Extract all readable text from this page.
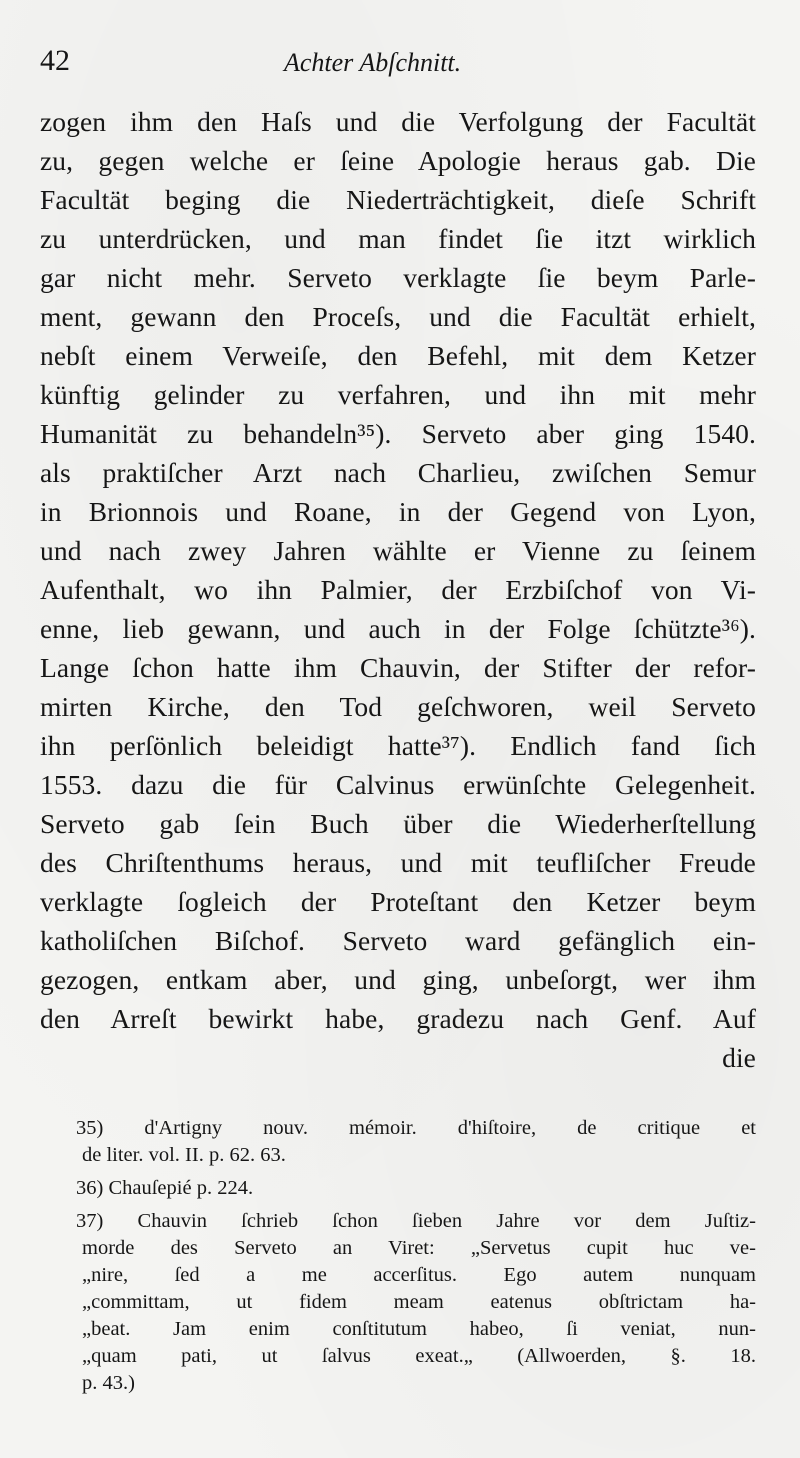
42	Achter Abſchnitt.
zogen ihm den Haſs und die Verfolgung der Facultät
zu, gegen welche er ſeine Apologie heraus gab. Die
Facultät beging die Niederträchtigkeit, dieſe Schrift
zu unterdrücken, und man findet ſie itzt wirklich
gar nicht mehr. Serveto verklagte ſie beym Parle-
ment, gewann den Proceſs, und die Facultät erhielt,
nebſt einem Verweiſe, den Befehl, mit dem Ketzer
künftig gelinder zu verfahren, und ihn mit mehr
Humanität zu behandeln³⁵). Serveto aber ging 1540.
als praktiſcher Arzt nach Charlieu, zwiſchen Semur
in Brionnois und Roane, in der Gegend von Lyon,
und nach zwey Jahren wählte er Vienne zu ſeinem
Aufenthalt, wo ihn Palmier, der Erzbiſchof von Vi-
enne, lieb gewann, und auch in der Folge ſchützte³⁶).
Lange ſchon hatte ihm Chauvin, der Stifter der refor-
mirten Kirche, den Tod geſchworen, weil Serveto
ihn perſönlich beleidigt hatte³⁷). Endlich fand ſich
1553. dazu die für Calvinus erwünſchte Gelegenheit.
Serveto gab ſein Buch über die Wiederherſtellung
des Chriſtenthums heraus, und mit teufliſcher Freude
verklagte ſogleich der Proteſtant den Ketzer beym
katholiſchen Biſchof. Serveto ward gefänglich ein-
gezogen, entkam aber, und ging, unbeſorgt, wer ihm
den Arreſt bewirkt habe, gradezu nach Genf. Auf
die
35) d'Artigny nouv. mémoir. d'hiſtoire, de critique et
de liter. vol. II. p. 62. 63.
36) Chauſepié p. 224.
37) Chauvin ſchrieb ſchon ſieben Jahre vor dem Juſtiz-
morde des Serveto an Viret: „Servetus cupit huc ve-
„nire, ſed a me accerſitus. Ego autem nunquam
„committam, ut fidem meam eatenus obſtrictam ha-
„beat. Jam enim conſtitutum habeo, ſi veniat, nun-
„quam pati, ut ſalvus exeat.„ (Allwoerden, §. 18.
p. 43.)
